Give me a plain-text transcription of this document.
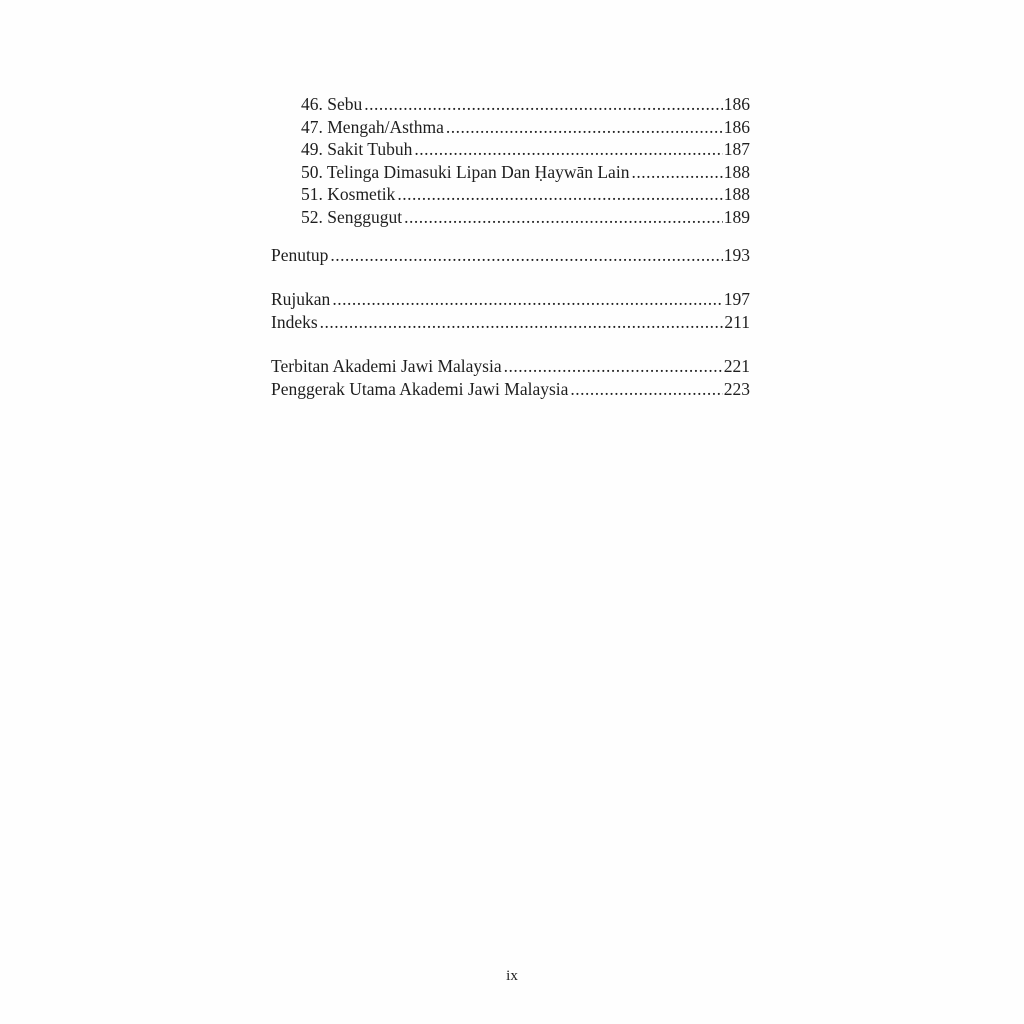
46. Sebu .....	186
47. Mengah/Asthma .....	186
49. Sakit Tubuh .....	187
50. Telinga Dimasuki Lipan Dan Ḥaywān Lain .....	188
51. Kosmetik .....	188
52. Senggugut .....	189
Penutup .....	193
Rujukan .....	197
Indeks .....	211
Terbitan Akademi Jawi Malaysia .....	221
Penggerak Utama Akademi Jawi Malaysia .....	223
ix
